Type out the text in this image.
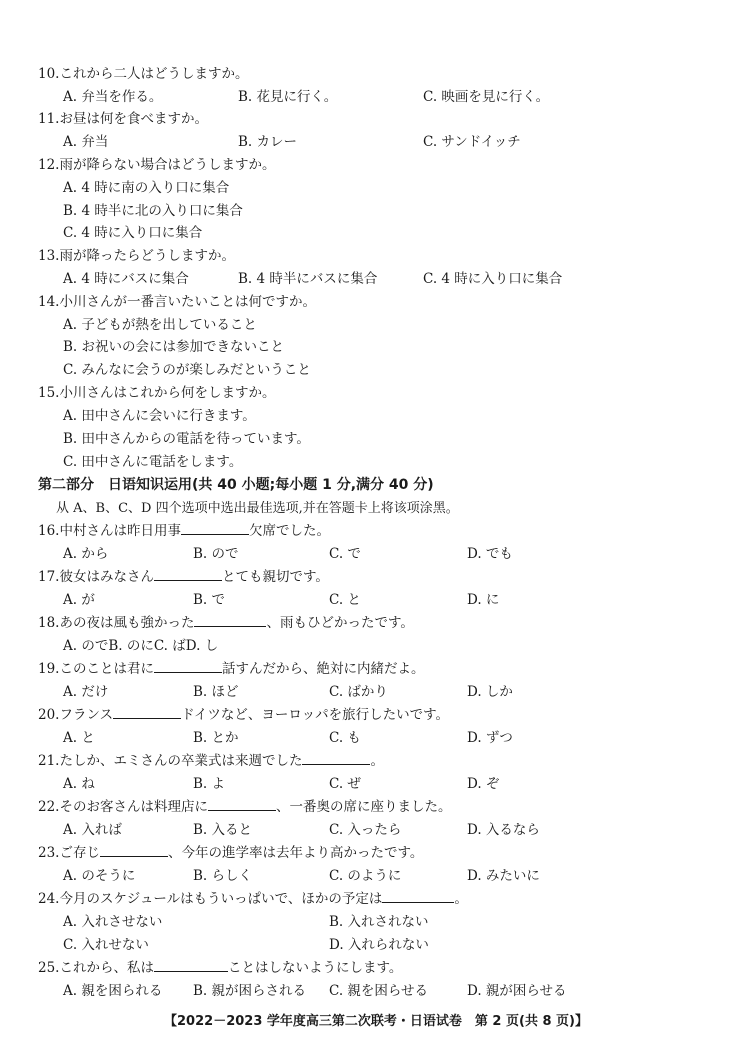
10.これから二人はどうしますか。
A. 弁当を作る。	B. 花見に行く。	C. 映画を見に行く。
11.お昼は何を食べますか。
A. 弁当	B. カレー	C. サンドイッチ
12.雨が降らない場合はどうしますか。
A. 4 時に南の入り口に集合
B. 4 時半に北の入り口に集合
C. 4 時に入り口に集合
13.雨が降ったらどうしますか。
A. 4 時にバスに集合	B. 4 時半にバスに集合	C. 4 時に入り口に集合
14.小川さんが一番言いたいことは何ですか。
A. 子どもが熱を出していること
B. お祝いの会には参加できないこと
C. みんなに会うのが楽しみだということ
15.小川さんはこれから何をしますか。
A. 田中さんに会いに行きます。
B. 田中さんからの電話を待っています。
C. 田中さんに電話をします。
第二部分　日语知识运用(共 40 小题;每小题 1 分,满分 40 分)
从 A、B、C、D 四个选项中选出最佳选项,并在答题卡上将该项涂黑。
16.中村さんは昨日用事	欠席でした。
A. から	B. ので	C. で	D. でも
17.彼女はみなさん	とても親切です。
A. が	B. で	C. と	D. に
18.あの夜は風も強かった	、雨もひどかったです。
A. のでB. のにC. ばD. し
19.このことは君に	話すんだから、絶対に内緒だよ。
A. だけ	B. ほど	C. ばかり	D. しか
20.フランス	ドイツなど、ヨーロッパを旅行したいです。
A. と	B. とか	C. も	D. ずつ
21.たしか、エミさんの卒業式は来週でした	。
A. ね	B. よ	C. ぜ	D. ぞ
22.そのお客さんは料理店に	、一番奥の席に座りました。
A. 入れば	B. 入ると	C. 入ったら	D. 入るなら
23.ご存じ	、今年の進学率は去年より高かったです。
A. のそうに	B. らしく	C. のように	D. みたいに
24.今月のスケジュールはもういっぱいで、ほかの予定は	。
A. 入れさせない	B. 入れされない
C. 入れせない	D. 入れられない
25.これから、私は	ことはしないようにします。
A. 親を困られる B. 親が困らされる C. 親を困らせる	D. 親が困らせる
【2022－2023 学年度高三第二次联考・日语试卷　第 2 页(共 8 页)】
